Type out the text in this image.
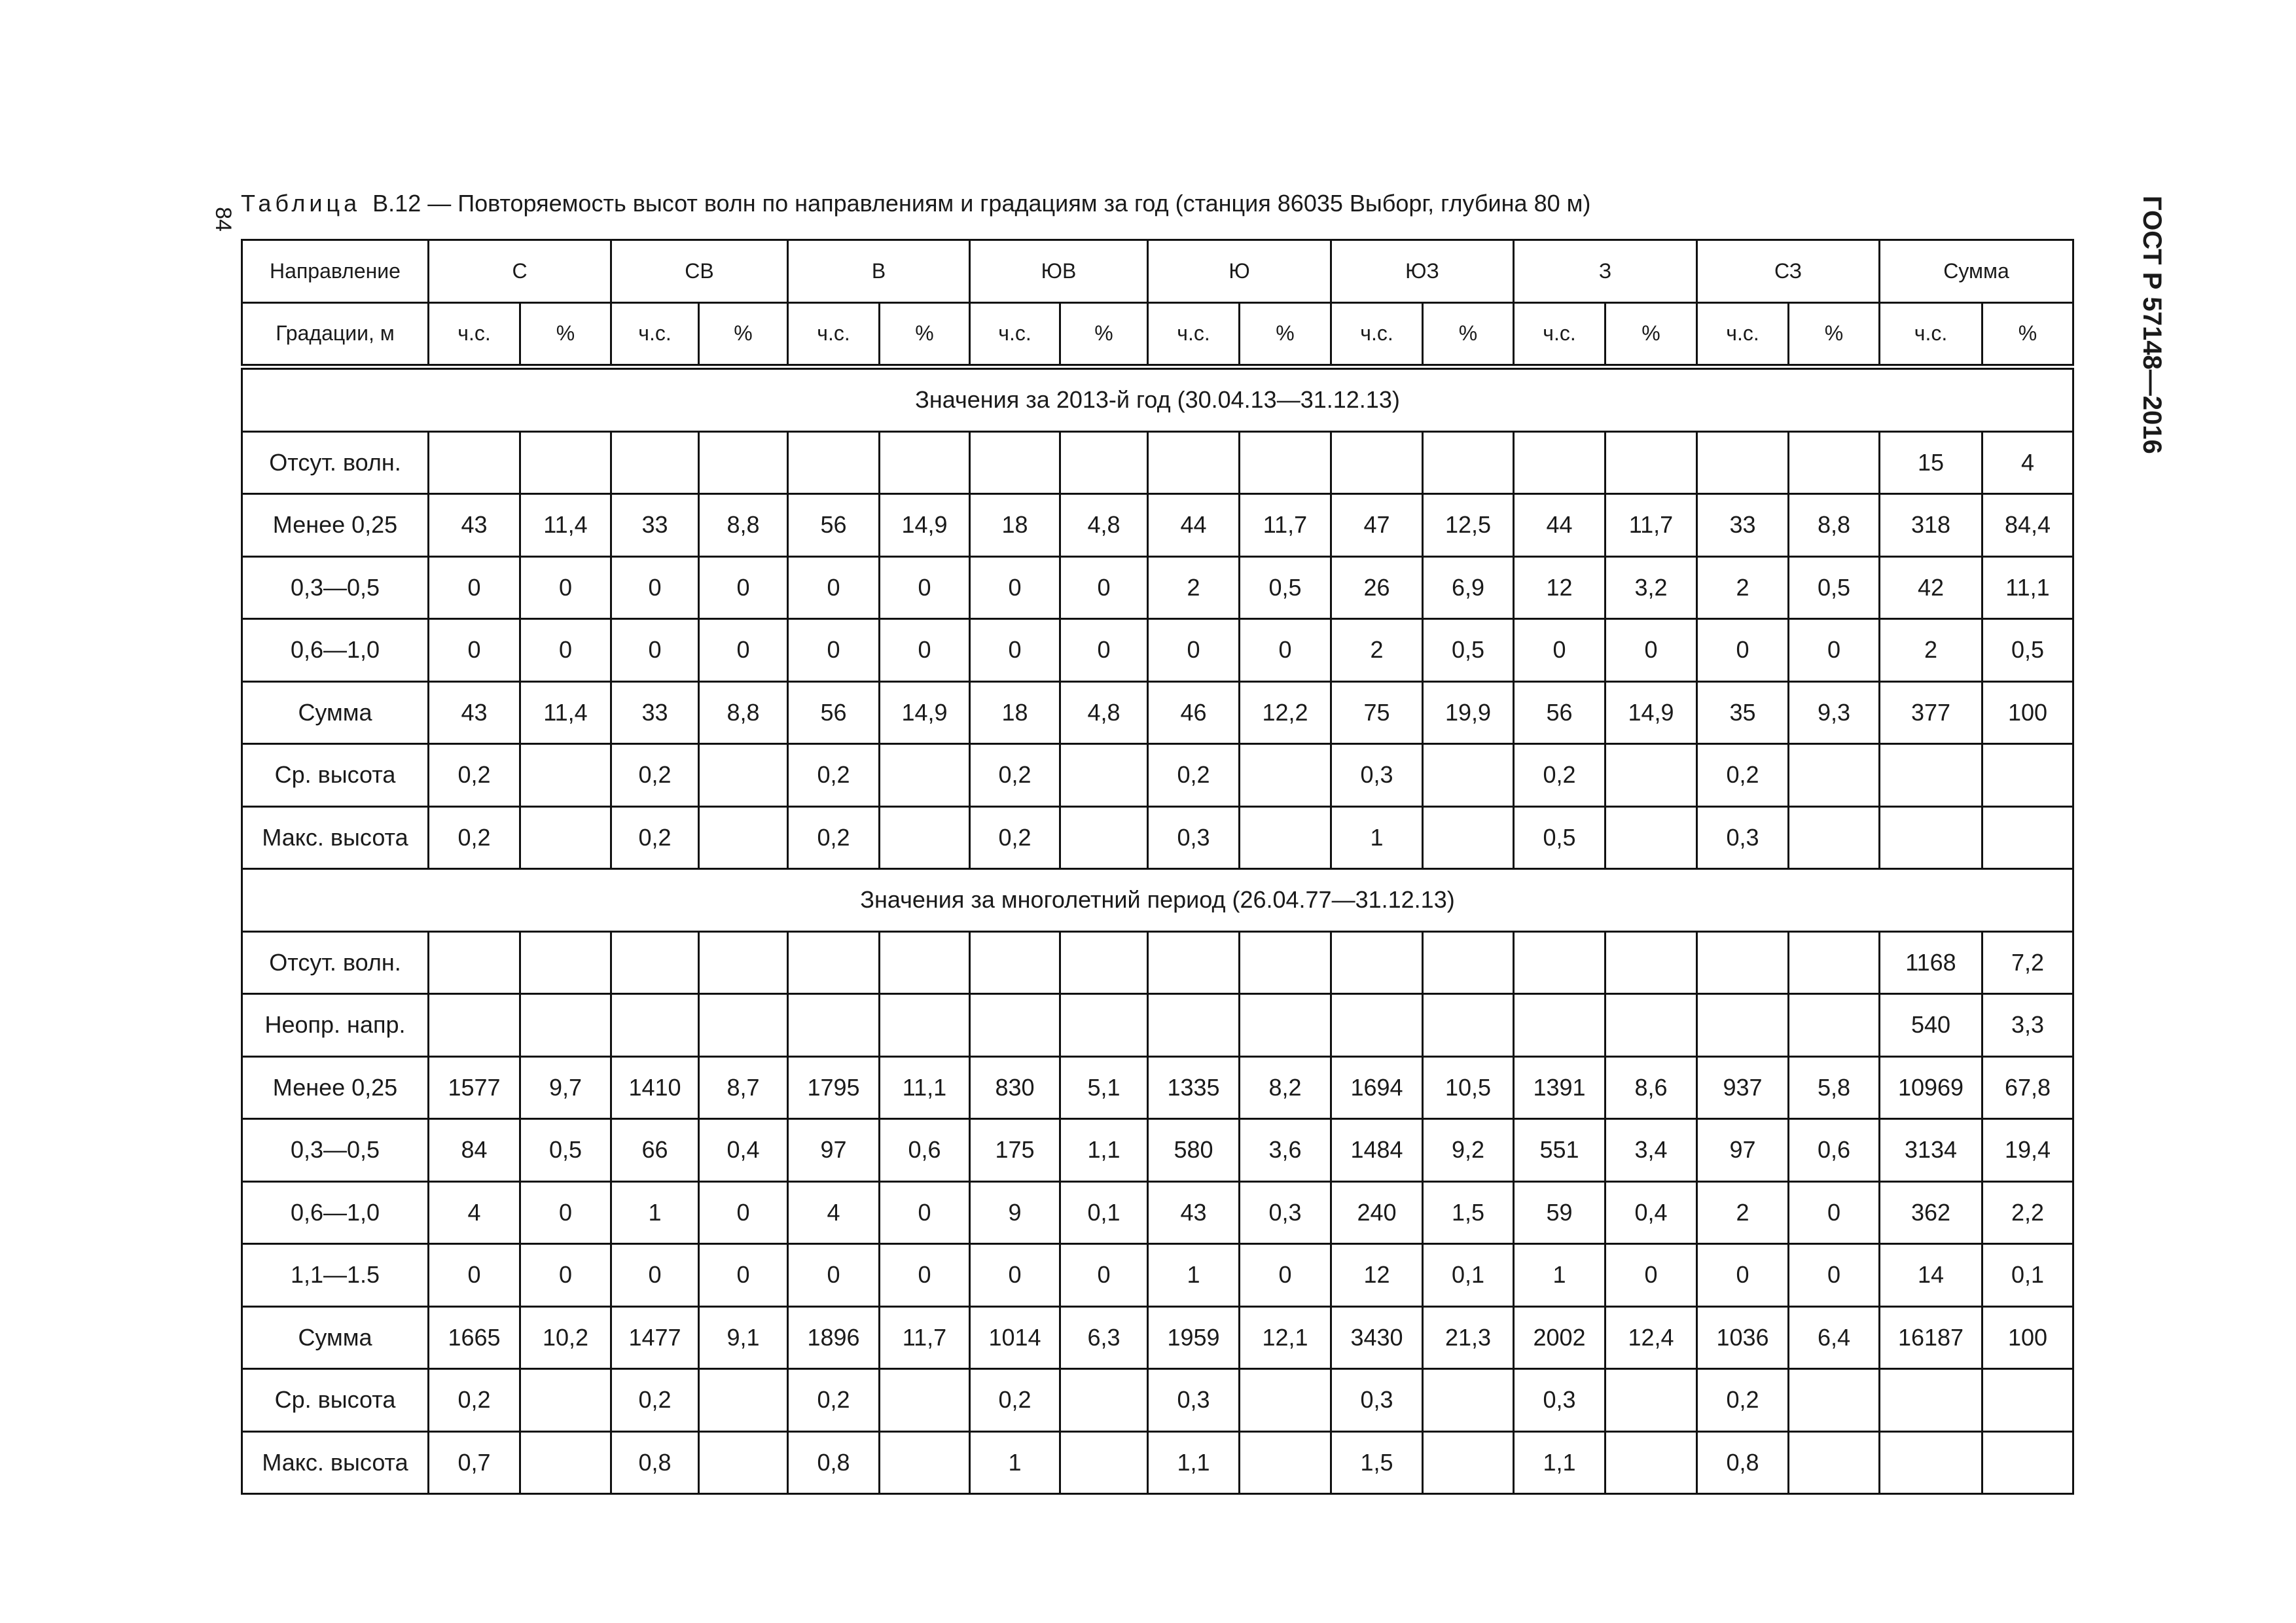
84	ГОСТ Р 57148—2016
Таблица В.12 — Повторяемость высот волн по направлениям и градациям за год (станция 86035 Выборг, глубина 80 м)
Направление	С		СВ		В		ЮВ		Ю		ЮЗ		З		СЗ		Сумма	
Градации, м	ч.с.	%	ч.с.	%	ч.с.	%	ч.с.	%	ч.с.	%	ч.с.	%	ч.с.	%	ч.с.	%	ч.с.	%
Значения за 2013-й год (30.04.13—31.12.13)																		
Отсут. волн.																	15	4
Менее 0,25	43	11,4	33	8,8	56	14,9	18	4,8	44	11,7	47	12,5	44	11,7	33	8,8	318	84,4
0,3—0,5	0	0	0	0	0	0	0	0	2	0,5	26	6,9	12	3,2	2	0,5	42	11,1
0,6—1,0	0	0	0	0	0	0	0	0	0	0	2	0,5	0	0	0	0	2	0,5
Сумма	43	11,4	33	8,8	56	14,9	18	4,8	46	12,2	75	19,9	56	14,9	35	9,3	377	100
Ср. высота	0,2		0,2		0,2		0,2		0,2		0,3		0,2		0,2			
Макс. высота	0,2		0,2		0,2		0,2		0,3		1		0,5		0,3			
Значения за многолетний период (26.04.77—31.12.13)																		
Отсут. волн.																	1168	7,2
Неопр. напр.																	540	3,3
Менее 0,25	1577	9,7	1410	8,7	1795	11,1	830	5,1	1335	8,2	1694	10,5	1391	8,6	937	5,8	10969	67,8
0,3—0,5	84	0,5	66	0,4	97	0,6	175	1,1	580	3,6	1484	9,2	551	3,4	97	0,6	3134	19,4
0,6—1,0	4	0	1	0	4	0	9	0,1	43	0,3	240	1,5	59	0,4	2	0	362	2,2
1,1—1.5	0	0	0	0	0	0	0	0	1	0	12	0,1	1	0	0	0	14	0,1
Сумма	1665	10,2	1477	9,1	1896	11,7	1014	6,3	1959	12,1	3430	21,3	2002	12,4	1036	6,4	16187	100
Ср. высота	0,2		0,2		0,2		0,2		0,3		0,3		0,3		0,2			
Макс. высота	0,7		0,8		0,8		1		1,1		1,5		1,1		0,8			
